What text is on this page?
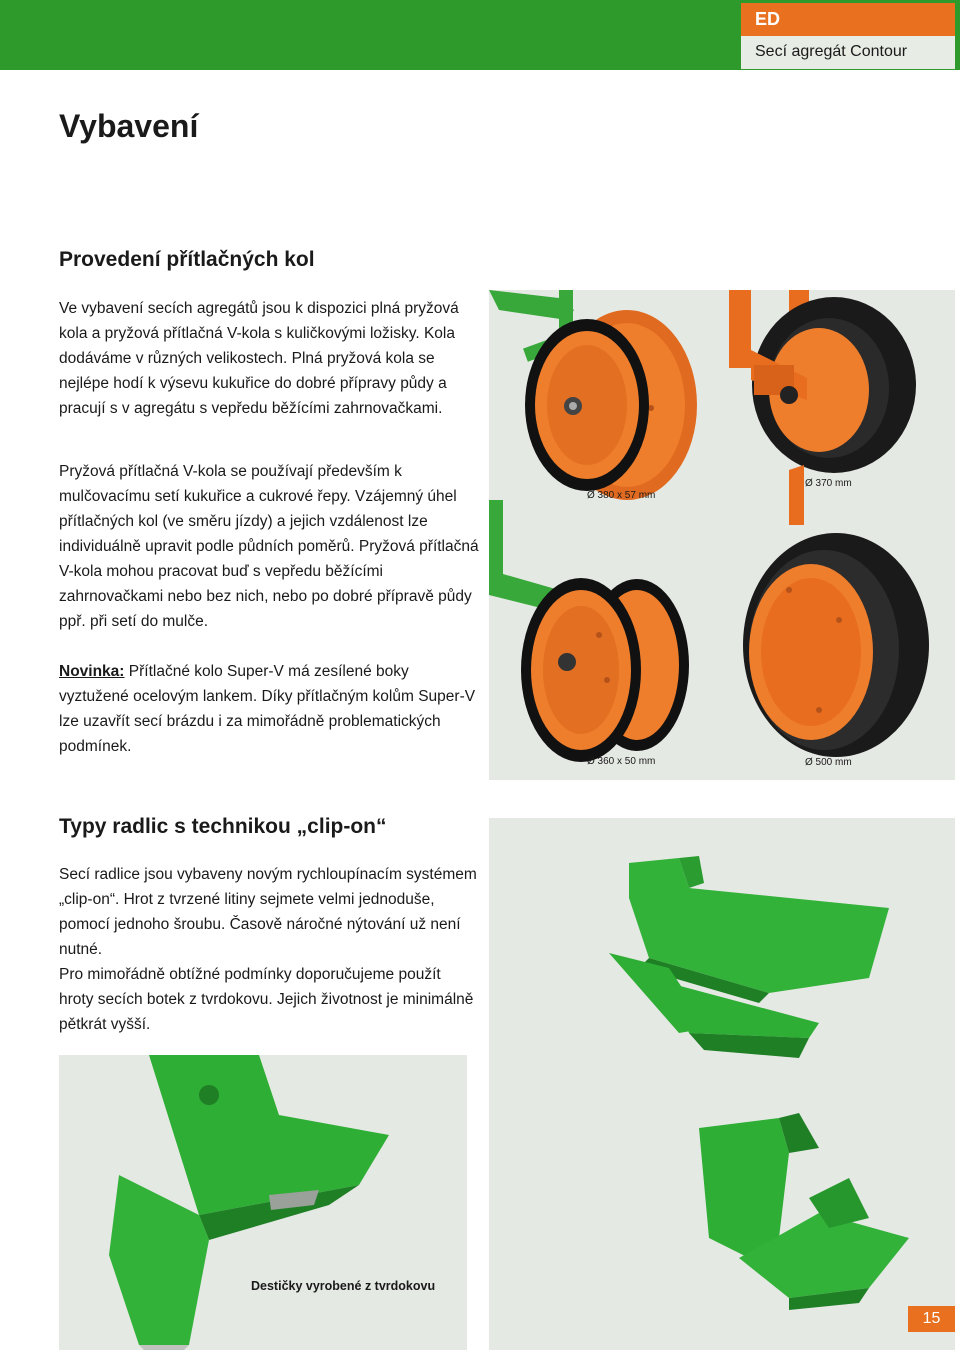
ED
Secí agregát Contour
Vybavení
Provedení přítlačných kol

Ve vybavení secích agregátů jsou k dispozici plná pryžová kola a pryžová přítlačná V-kola s kuličkovými ložisky. Kola dodáváme v různých velikostech. Plná pryžová kola se nejlépe hodí k výsevu kukuřice do dobré přípravy půdy a pracují s v agregátu s vepředu běžícími zahrnovačkami.

Pryžová přítlačná V-kola se používají především k mulčovacímu setí kukuřice a cukrové řepy. Vzájemný úhel přítlačných kol (ve směru jízdy) a jejich vzdálenost lze individuálně upravit podle půdních poměrů. Pryžová přítlačná V-kola mohou pracovat buď s vepředu běžícími zahrnovačkami nebo bez nich, nebo po dobré přípravě půdy ppř. při setí do mulče.

Novinka: Přítlačné kolo Super-V má zesílené boky vyztužené ocelovým lankem. Díky přítlačným kolům Super-V lze uzavřít secí brázdu i za mimořádně problematických podmínek.

Ø 380 x 57 mm
Ø 370 mm
Ø 360 x 50 mm	Ø 500 mm
Typy radlic s technikou „clip-on“

Secí radlice jsou vybaveny novým rychloupínacím systémem „clip-on“. Hrot z tvrzené litiny sejmete velmi jednoduše, pomocí jednoho šroubu. Časově náročné nýtování už není nutné.

Pro mimořádně obtížné podmínky doporučujeme použít hroty secích botek z tvrdokovu. Jejich životnost je minimálně pětkrát vyšší.

Destičky vyrobené z tvrdokovu
15
